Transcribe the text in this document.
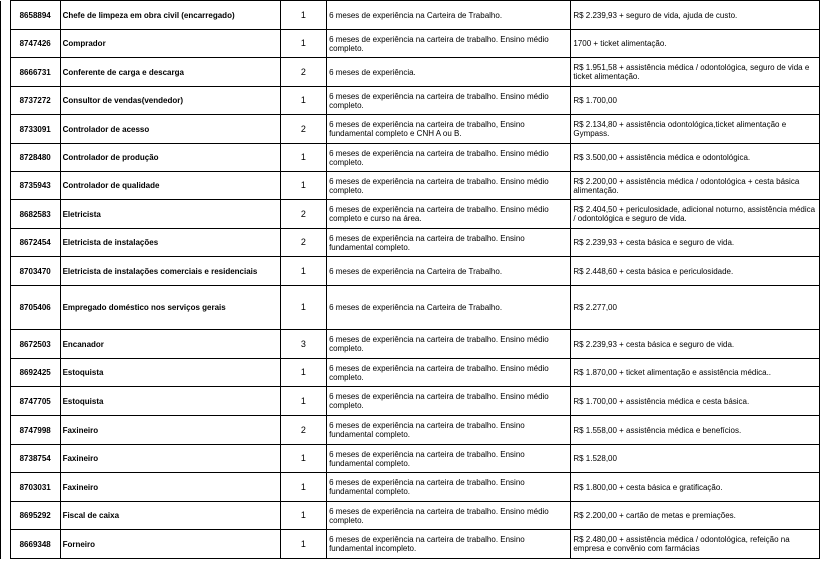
	8658894	Chefe de limpeza em obra civil (encarregado)	1	6 meses de experiência na Carteira de Trabalho.	R$ 2.239,93 + seguro de vida, ajuda de custo.
	8747426	Comprador	1	6 meses de experiência na carteira de trabalho. Ensino médio completo.	1700 + ticket alimentação.
	8666731	Conferente de carga e descarga	2	6 meses de experiência.	R$ 1.951,58 + assistência médica / odontológica, seguro de vida e ticket alimentação.
	8737272	Consultor de vendas(vendedor)	1	6 meses de experiência na carteira de trabalho. Ensino médio completo.	R$ 1.700,00
	8733091	Controlador de acesso	2	6 meses de experiência na carteira de trabalho, Ensino fundamental completo e CNH A ou B.	R$ 2.134,80 + assistência odontológica,ticket alimentação e Gympass.
	8728480	Controlador de produção	1	6 meses de experiência na carteira de trabalho. Ensino médio completo.	R$ 3.500,00 + assistência médica e odontológica.
	8735943	Controlador de qualidade	1	6 meses de experiência na carteira de trabalho. Ensino médio completo.	R$ 2.200,00 + assistência médica / odontológica + cesta básica alimentação.
	8682583	Eletricista	2	6 meses de experiência na carteira de trabalho. Ensino médio completo e curso na área.	R$ 2.404,50 + periculosidade, adicional noturno, assistência médica / odontológica e seguro de vida.
	8672454	Eletricista de instalações	2	6 meses de experiência na carteira de trabalho. Ensino fundamental completo.	R$ 2.239,93 + cesta básica e seguro de vida.
	8703470	Eletricista de instalações comerciais e residenciais	1	6 meses de experiência na Carteira de Trabalho.	R$ 2.448,60 + cesta básica e periculosidade.
	8705406	Empregado doméstico nos serviços gerais	1	6 meses de experiência na Carteira de Trabalho.	R$ 2.277,00
	8672503	Encanador	3	6 meses de experiência na carteira de trabalho. Ensino médio completo.	R$ 2.239,93 + cesta básica e seguro de vida.
	8692425	Estoquista	1	6 meses de experiência na carteira de trabalho. Ensino médio completo.	R$ 1.870,00 + ticket alimentação e assistência médica..
	8747705	Estoquista	1	6 meses de experiência na carteira de trabalho. Ensino médio completo.	R$ 1.700,00 + assistência médica e cesta básica.
	8747998	Faxineiro	2	6 meses de experiência na carteira de trabalho. Ensino fundamental completo.	R$ 1.558,00 + assistência médica e benefícios.
	8738754	Faxineiro	1	6 meses de experiência na carteira de trabalho. Ensino fundamental completo.	R$ 1.528,00
	8703031	Faxineiro	1	6 meses de experiência na carteira de trabalho. Ensino fundamental completo.	R$ 1.800,00 + cesta básica e gratificação.
	8695292	Fiscal de caixa	1	6 meses de experiência na carteira de trabalho. Ensino médio completo.	R$ 2.200,00 + cartão de metas e premiações.
	8669348	Forneiro	1	6 meses de experiência na carteira de trabalho. Ensino fundamental incompleto.	R$ 2.480,00 + assistência médica / odontológica, refeição na empresa e convênio com farmácias
